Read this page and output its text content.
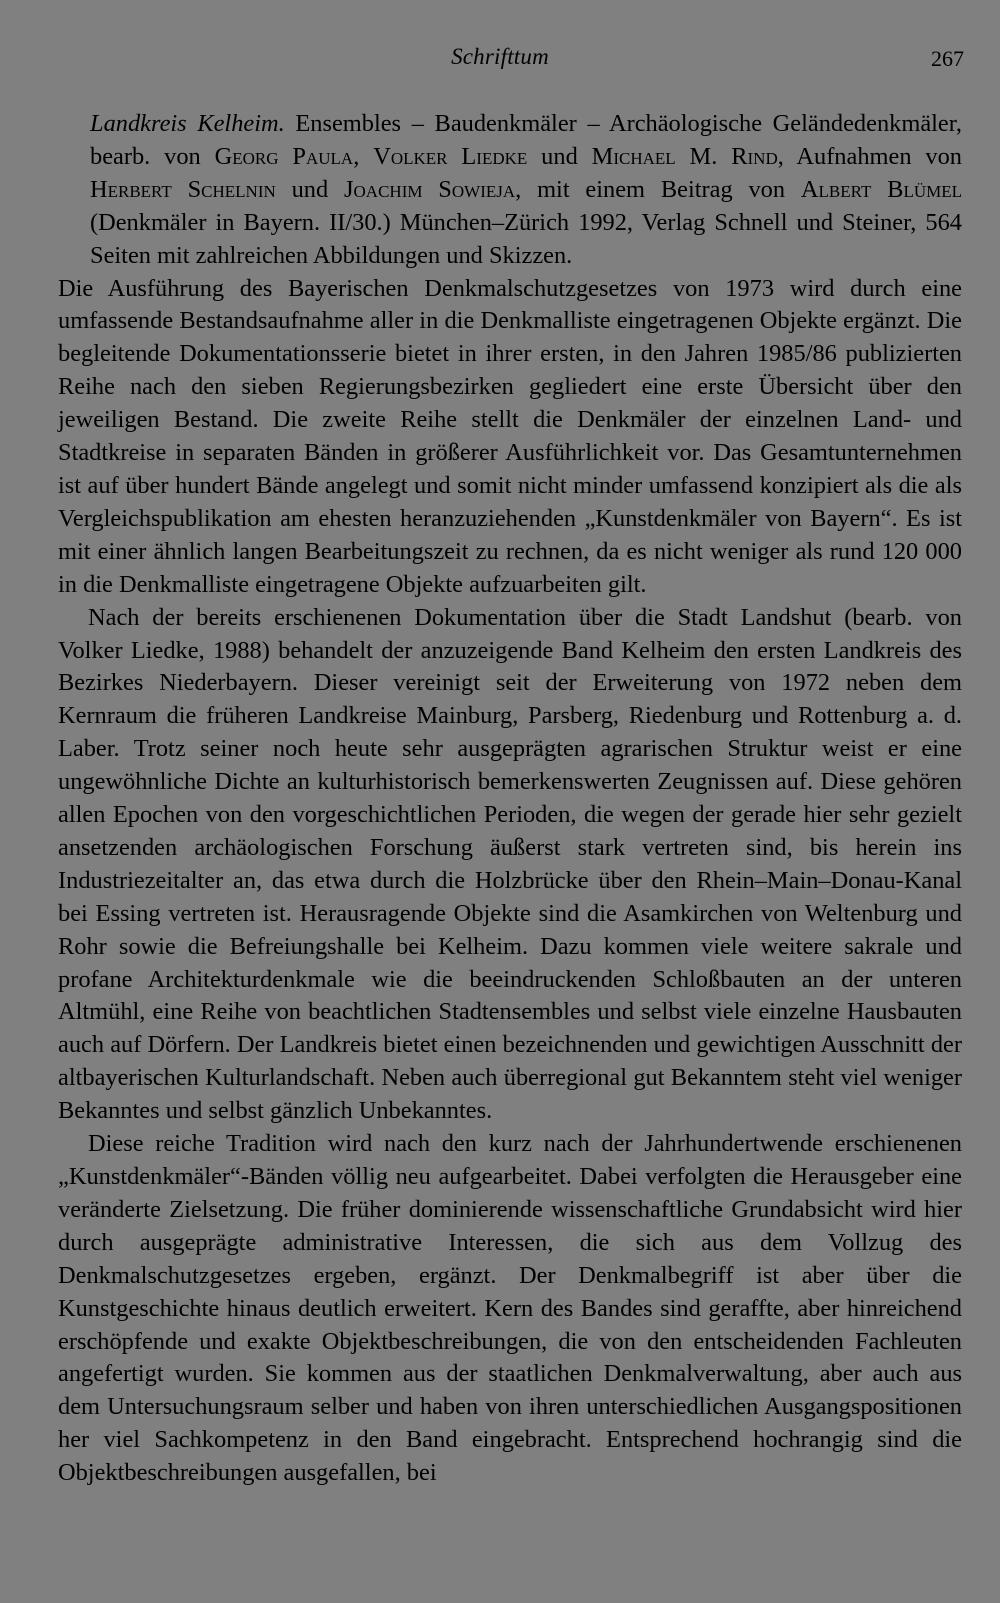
Schrifttum	267

Landkreis Kelheim. Ensembles – Baudenkmäler – Archäologische Geländedenkmäler, bearb. von Georg Paula, Volker Liedke und Michael M. Rind, Aufnahmen von Herbert Schelnin und Joachim Sowieja, mit einem Beitrag von Albert Blümel (Denkmäler in Bayern. II/30.) München–Zürich 1992, Verlag Schnell und Steiner, 564 Seiten mit zahlreichen Abbildungen und Skizzen.

Die Ausführung des Bayerischen Denkmalschutzgesetzes von 1973 wird durch eine umfassende Bestandsaufnahme aller in die Denkmalliste eingetragenen Objekte ergänzt. Die begleitende Dokumentationsserie bietet in ihrer ersten, in den Jahren 1985/86 publizierten Reihe nach den sieben Regierungsbezirken gegliedert eine erste Übersicht über den jeweiligen Bestand. Die zweite Reihe stellt die Denkmäler der einzelnen Land- und Stadtkreise in separaten Bänden in größerer Ausführlichkeit vor. Das Gesamtunternehmen ist auf über hundert Bände angelegt und somit nicht minder umfassend konzipiert als die als Vergleichspublikation am ehesten heranzuziehenden „Kunstdenkmäler von Bayern“. Es ist mit einer ähnlich langen Bearbeitungszeit zu rechnen, da es nicht weniger als rund 120 000 in die Denkmalliste eingetragene Objekte aufzuarbeiten gilt.

Nach der bereits erschienenen Dokumentation über die Stadt Landshut (bearb. von Volker Liedke, 1988) behandelt der anzuzeigende Band Kelheim den ersten Landkreis des Bezirkes Niederbayern. Dieser vereinigt seit der Erweiterung von 1972 neben dem Kernraum die früheren Landkreise Mainburg, Parsberg, Riedenburg und Rottenburg a. d. Laber. Trotz seiner noch heute sehr ausgeprägten agrarischen Struktur weist er eine ungewöhnliche Dichte an kulturhistorisch bemerkenswerten Zeugnissen auf. Diese gehören allen Epochen von den vorgeschichtlichen Perioden, die wegen der gerade hier sehr gezielt ansetzenden archäologischen Forschung äußerst stark vertreten sind, bis herein ins Industriezeitalter an, das etwa durch die Holzbrücke über den Rhein–Main–Donau-Kanal bei Essing vertreten ist. Herausragende Objekte sind die Asamkirchen von Weltenburg und Rohr sowie die Befreiungshalle bei Kelheim. Dazu kommen viele weitere sakrale und profane Architekturdenkmale wie die beeindruckenden Schloßbauten an der unteren Altmühl, eine Reihe von beachtlichen Stadtensembles und selbst viele einzelne Hausbauten auch auf Dörfern. Der Landkreis bietet einen bezeichnenden und gewichtigen Ausschnitt der altbayerischen Kulturlandschaft. Neben auch überregional gut Bekanntem steht viel weniger Bekanntes und selbst gänzlich Unbekanntes.

Diese reiche Tradition wird nach den kurz nach der Jahrhundertwende erschienenen „Kunstdenkmäler“-Bänden völlig neu aufgearbeitet. Dabei verfolgten die Herausgeber eine veränderte Zielsetzung. Die früher dominierende wissenschaftliche Grundabsicht wird hier durch ausgeprägte administrative Interessen, die sich aus dem Vollzug des Denkmalschutzgesetzes ergeben, ergänzt. Der Denkmalbegriff ist aber über die Kunstgeschichte hinaus deutlich erweitert. Kern des Bandes sind geraffte, aber hinreichend erschöpfende und exakte Objektbeschreibungen, die von den entscheidenden Fachleuten angefertigt wurden. Sie kommen aus der staatlichen Denkmalverwaltung, aber auch aus dem Untersuchungsraum selber und haben von ihren unterschiedlichen Ausgangspositionen her viel Sachkompetenz in den Band eingebracht. Entsprechend hochrangig sind die Objektbeschreibungen ausgefallen, bei
